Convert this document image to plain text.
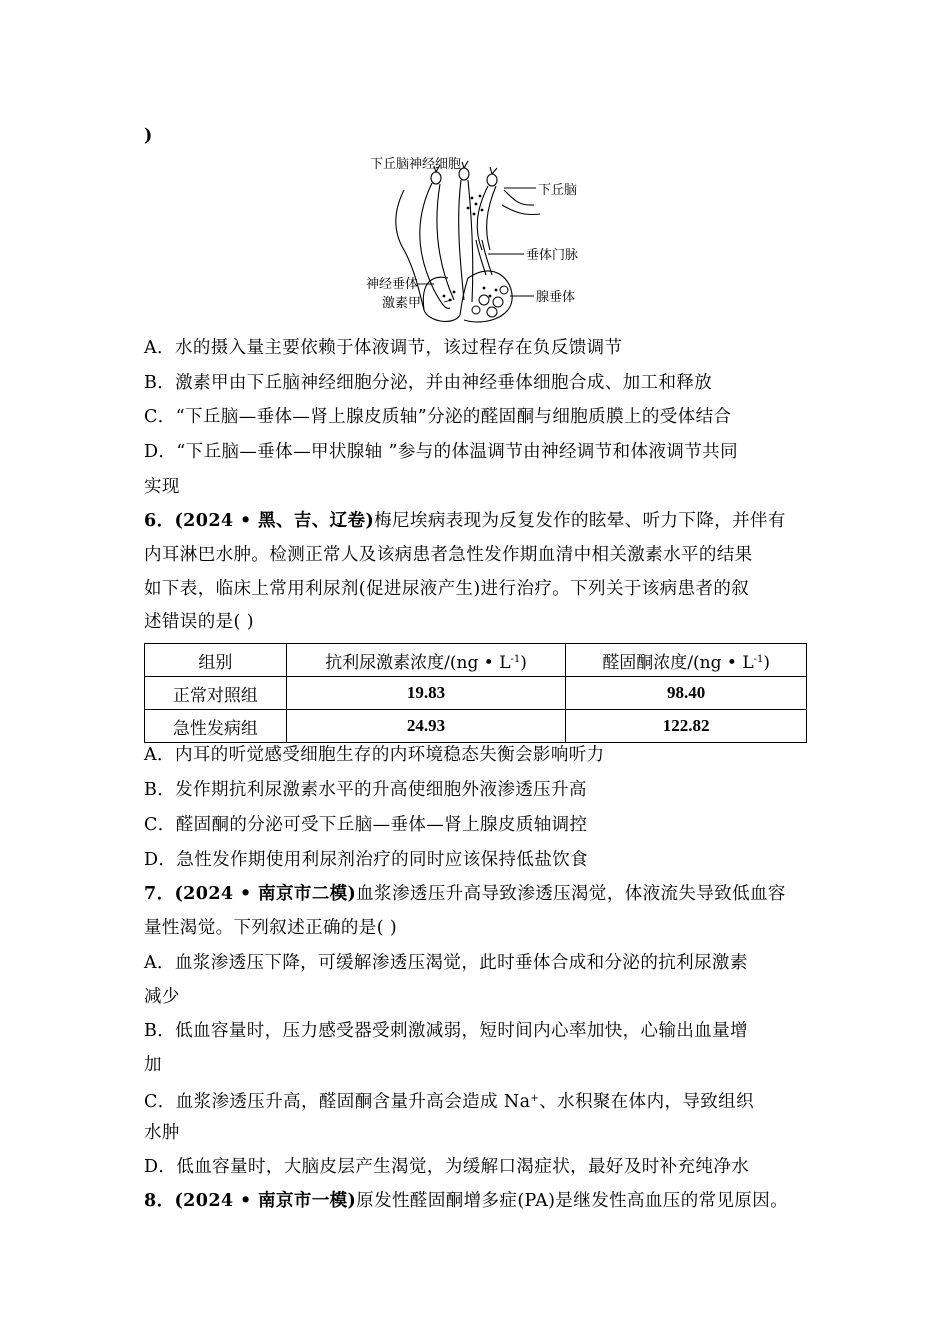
)
下丘脑神经细胞
下丘脑
垂体门脉
神经垂体
激素甲	腺垂体
A．水的摄入量主要依赖于体液调节，该过程存在负反馈调节
B．激素甲由下丘脑神经细胞分泌，并由神经垂体细胞合成、加工和释放
C．“下丘脑—垂体—肾上腺皮质轴”分泌的醛固酮与细胞质膜上的受体结合
D．“下丘脑—垂体—甲状腺轴 ”参与的体温调节由神经调节和体液调节共同
实现
6．(2024 • 黑、吉、辽卷)梅尼埃病表现为反复发作的眩晕、听力下降，并伴有
内耳淋巴水肿。检测正常人及该病患者急性发作期血清中相关激素水平的结果
如下表，临床上常用利尿剂(促进尿液产生)进行治疗。下列关于该病患者的叙
述错误的是( )
组别	抗利尿激素浓度/(ng • $L^{-1}$)	醛固酮浓度/(ng • $L^{-1}$)
正常对照组	19.83	98.40
急性发病组	24.93	122.82
A．内耳的听觉感受细胞生存的内环境稳态失衡会影响听力
B．发作期抗利尿激素水平的升高使细胞外液渗透压升高
C．醛固酮的分泌可受下丘脑—垂体—肾上腺皮质轴调控
D．急性发作期使用利尿剂治疗的同时应该保持低盐饮食
7．(2024 • 南京市二模)血浆渗透压升高导致渗透压渴觉，体液流失导致低血容
量性渴觉。下列叙述正确的是( )
A．血浆渗透压下降，可缓解渗透压渴觉，此时垂体合成和分泌的抗利尿激素
减少
B．低血容量时，压力感受器受刺激减弱，短时间内心率加快，心输出血量增
加
C．血浆渗透压升高，醛固酮含量升高会造成 Na+、水积聚在体内，导致组织
水肿
D．低血容量时，大脑皮层产生渴觉，为缓解口渴症状，最好及时补充纯净水
8．(2024 • 南京市一模)原发性醛固酮增多症(PA)是继发性高血压的常见原因。
